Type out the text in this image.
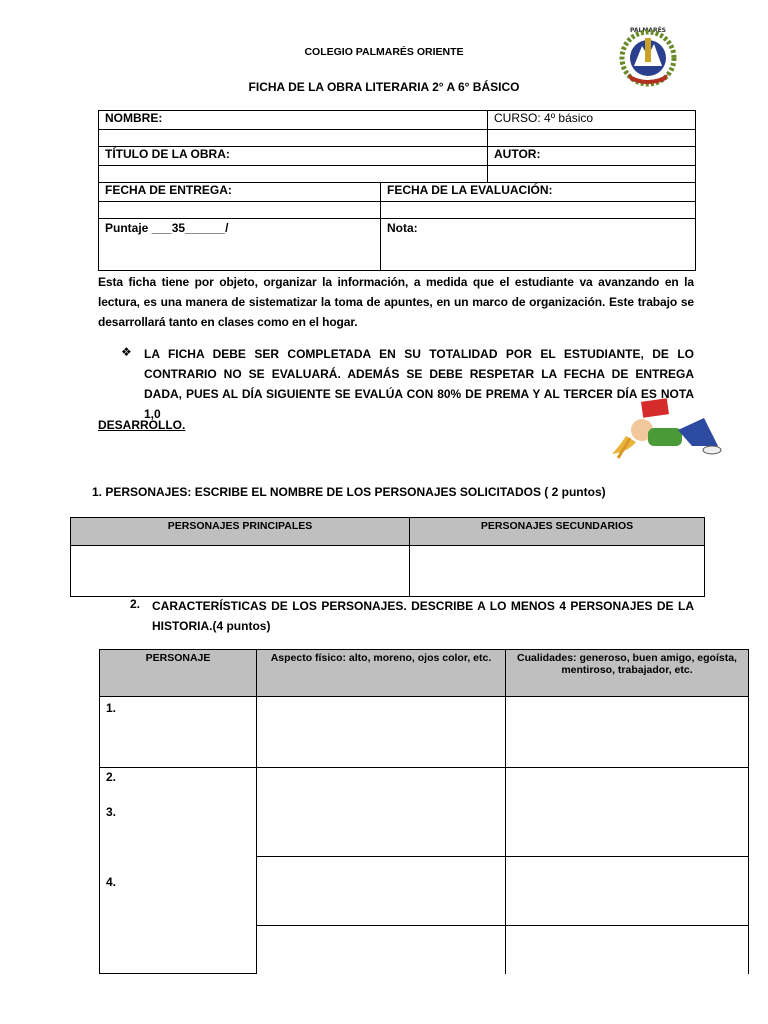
COLEGIO PALMARÉS ORIENTE
FICHA DE LA OBRA LITERARIA 2° A 6° BÁSICO
PALMARÉS
NOMBRE:		CURSO: 4º básico

TÍTULO DE LA OBRA:		AUTOR:

FECHA DE ENTREGA:	FECHA DE LA EVALUACIÓN:	

Puntaje ___35______/	Nota:	
Esta ficha tiene por objeto, organizar la información, a medida que el estudiante va avanzando en la lectura, es una manera de sistematizar la toma de apuntes, en un marco de organización. Este trabajo se desarrollará tanto en clases como en el hogar.
❖ LA FICHA DEBE SER COMPLETADA EN SU TOTALIDAD POR EL ESTUDIANTE, DE LO CONTRARIO NO SE EVALUARÁ. ADEMÁS SE DEBE RESPETAR LA FECHA DE ENTREGA DADA, PUES AL DÍA SIGUIENTE SE EVALÚA CON 80% DE PREMA Y AL TERCER DÍA ES NOTA 1,0
DESARROLLO.
1. PERSONAJES: ESCRIBE EL NOMBRE DE LOS PERSONAJES SOLICITADOS ( 2 puntos)
PERSONAJES PRINCIPALES	PERSONAJES SECUNDARIOS

2. CARACTERÍSTICAS DE LOS PERSONAJES. DESCRIBE A LO MENOS 4 PERSONAJES DE LA HISTORIA.(4 puntos)
PERSONAJE	Aspecto físico: alto, moreno, ojos color, etc.	Cualidades: generoso, buen amigo, egoísta, mentiroso, trabajador, etc.
1.
2.
3.
4.
